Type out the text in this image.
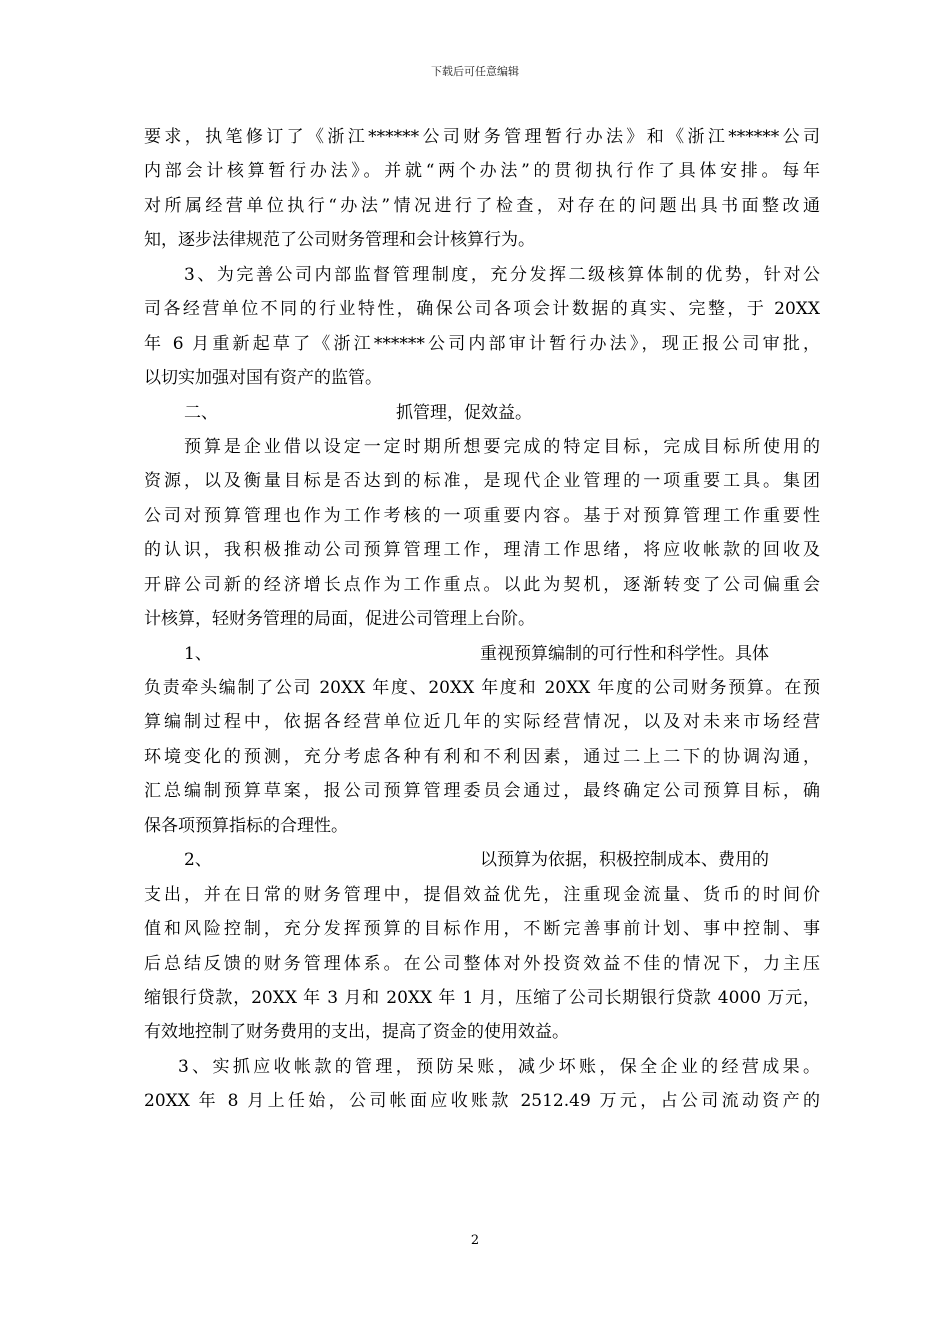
下载后可任意编辑
要求，执笔修订了《浙江******公司财务管理暂行办法》和《浙江******公司
内部会计核算暂行办法》。并就“两个办法”的贯彻执行作了具体安排。每年
对所属经营单位执行“办法”情况进行了检查，对存在的问题出具书面整改通
知，逐步法律规范了公司财务管理和会计核算行为。
3、为完善公司内部监督管理制度，充分发挥二级核算体制的优势，针对公
司各经营单位不同的行业特性，确保公司各项会计数据的真实、完整，于 20XX
年 6 月重新起草了《浙江******公司内部审计暂行办法》，现正报公司审批，
以切实加强对国有资产的监管。
二、	抓管理，促效益。
预算是企业借以设定一定时期所想要完成的特定目标，完成目标所使用的
资源，以及衡量目标是否达到的标准，是现代企业管理的一项重要工具。集团
公司对预算管理也作为工作考核的一项重要内容。基于对预算管理工作重要性
的认识，我积极推动公司预算管理工作，理清工作思绪，将应收帐款的回收及
开辟公司新的经济增长点作为工作重点。以此为契机，逐渐转变了公司偏重会
计核算，轻财务管理的局面，促进公司管理上台阶。
1、	重视预算编制的可行性和科学性。具体
负责牵头编制了公司 20XX 年度、20XX 年度和 20XX 年度的公司财务预算。在预
算编制过程中，依据各经营单位近几年的实际经营情况，以及对未来市场经营
环境变化的预测，充分考虑各种有利和不利因素，通过二上二下的协调沟通，
汇总编制预算草案，报公司预算管理委员会通过，最终确定公司预算目标，确
保各项预算指标的合理性。
2、	以预算为依据，积极控制成本、费用的
支出，并在日常的财务管理中，提倡效益优先，注重现金流量、货币的时间价
值和风险控制，充分发挥预算的目标作用，不断完善事前计划、事中控制、事
后总结反馈的财务管理体系。在公司整体对外投资效益不佳的情况下，力主压
缩银行贷款，20XX 年 3 月和 20XX 年 1 月，压缩了公司长期银行贷款 4000 万元，
有效地控制了财务费用的支出，提高了资金的使用效益。
3、实抓应收帐款的管理，预防呆账，减少坏账，保全企业的经营成果。
20XX 年 8 月上任始，公司帐面应收账款 2512.49 万元，占公司流动资产的
2
